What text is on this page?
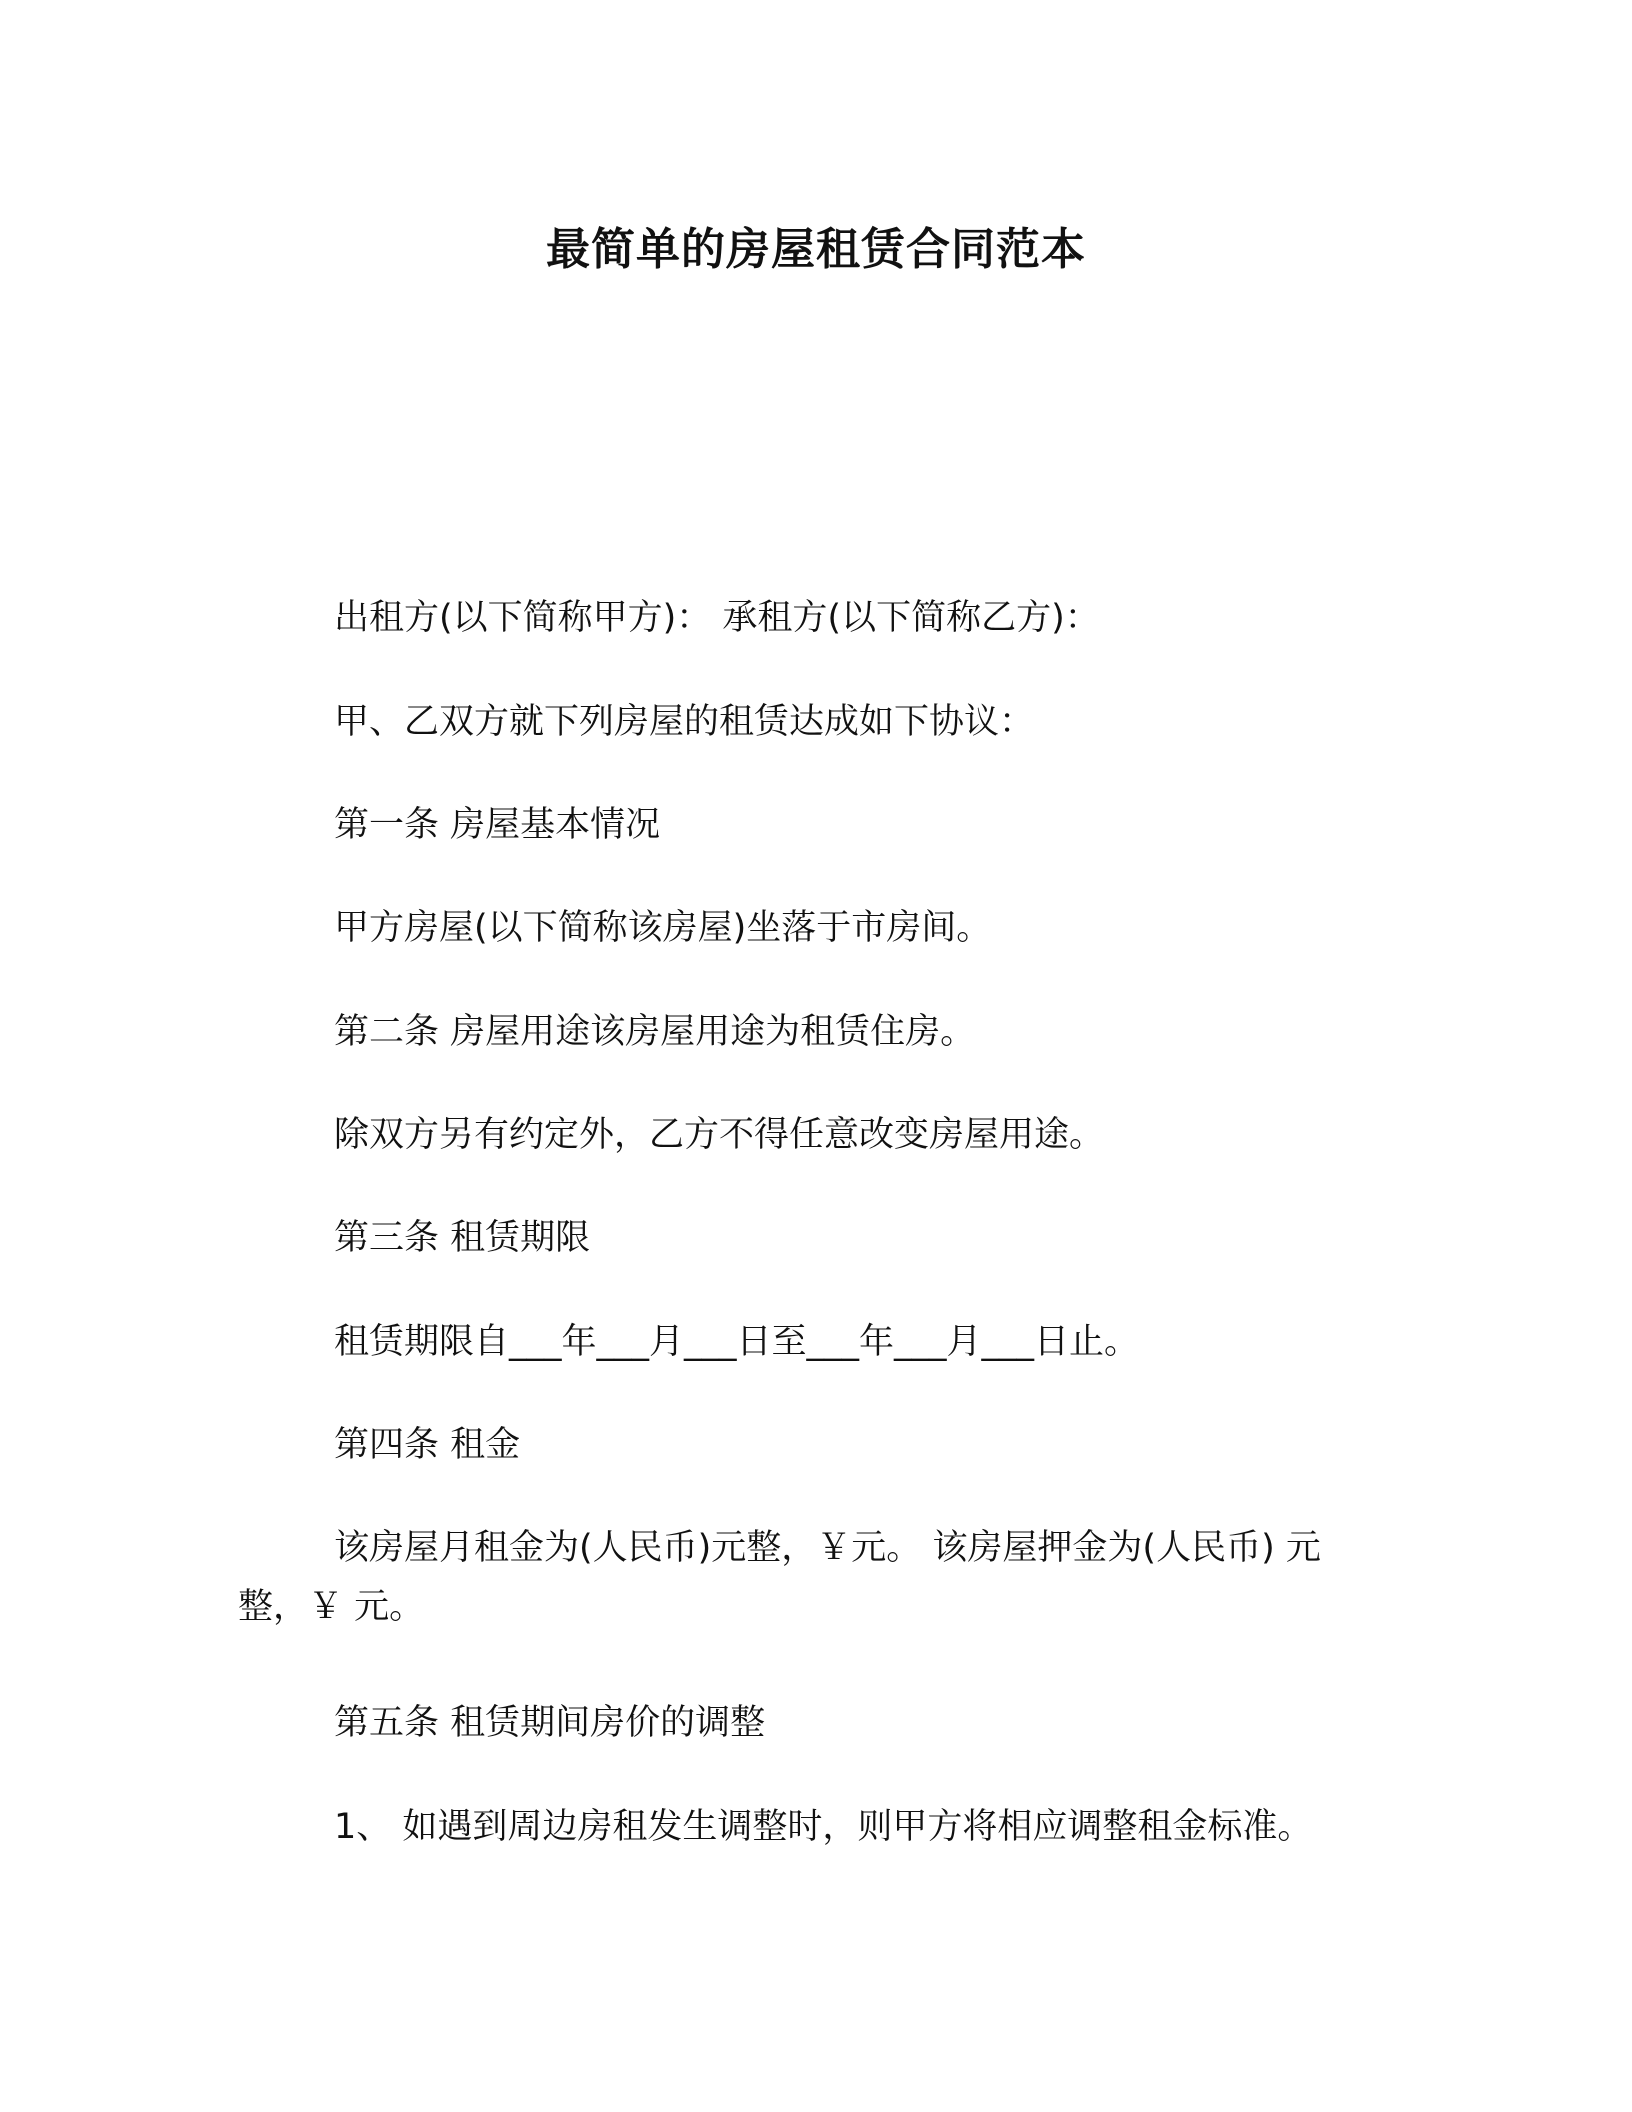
最简单的房屋租赁合同范本
出租方(以下简称甲方)： 承租方(以下简称乙方)：
甲、乙双方就下列房屋的租赁达成如下协议：
第一条 房屋基本情况
甲方房屋(以下简称该房屋)坐落于市房间。
第二条 房屋用途该房屋用途为租赁住房。
除双方另有约定外，乙方不得任意改变房屋用途。
第三条 租赁期限
租赁期限自___年___月___日至___年___月___日止。
第四条 租金
该房屋月租金为(人民币)元整，￥元。 该房屋押金为(人民币) 元整，￥ 元。
第五条 租赁期间房价的调整
1、 如遇到周边房租发生调整时，则甲方将相应调整租金标准。
